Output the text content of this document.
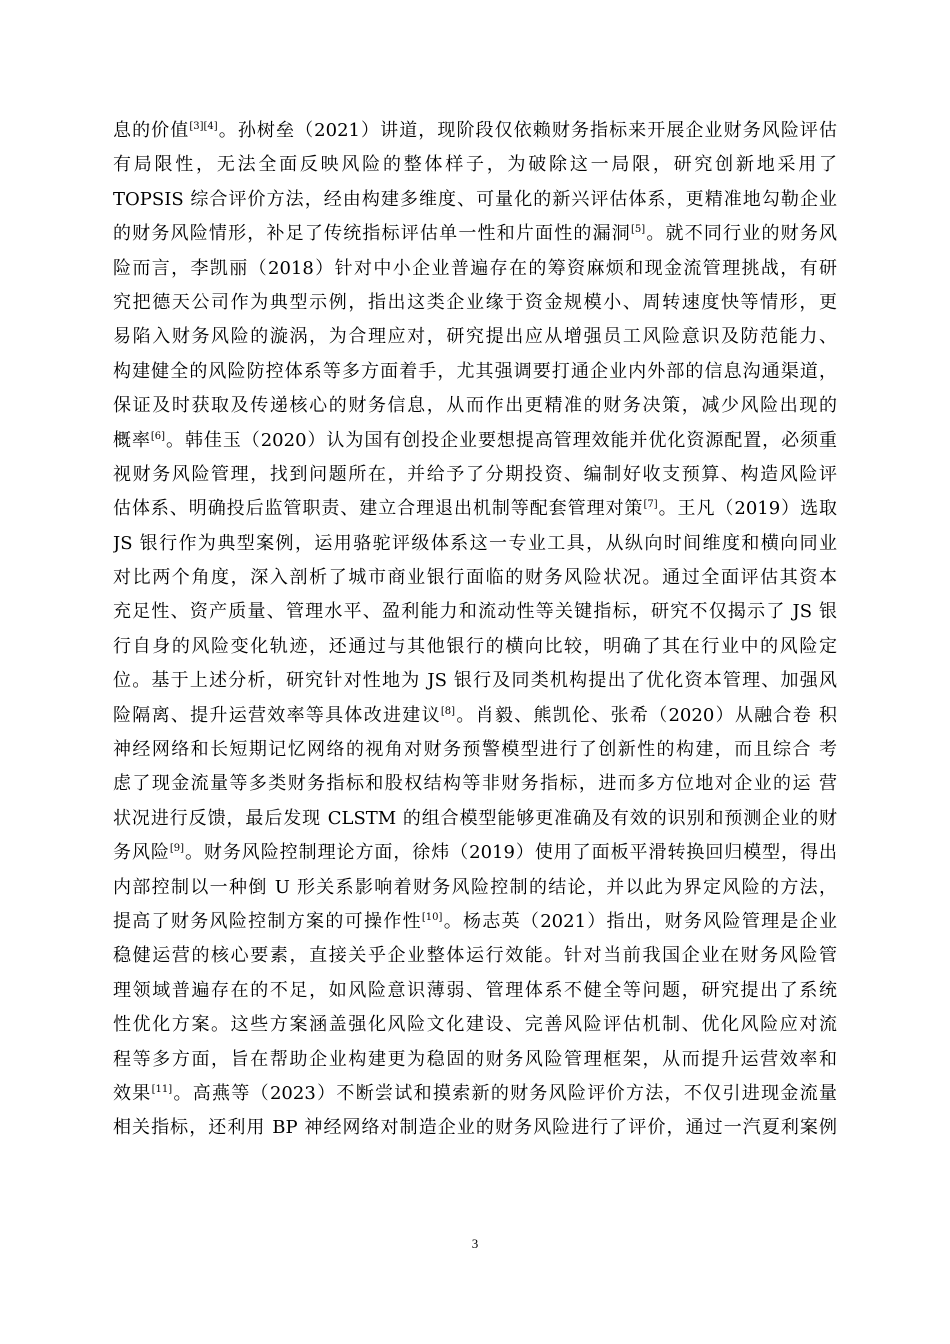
息的价值[3][4]。孙树垒（2021）讲道，现阶段仅依赖财务指标来开展企业财务风险评估
有局限性，无法全面反映风险的整体样子，为破除这一局限，研究创新地采用了
TOPSIS 综合评价方法，经由构建多维度、可量化的新兴评估体系，更精准地勾勒企业
的财务风险情形，补足了传统指标评估单一性和片面性的漏洞[5]。就不同行业的财务风
险而言，李凯丽（2018）针对中小企业普遍存在的筹资麻烦和现金流管理挑战，有研
究把德天公司作为典型示例，指出这类企业缘于资金规模小、周转速度快等情形，更
易陷入财务风险的漩涡，为合理应对，研究提出应从增强员工风险意识及防范能力、
构建健全的风险防控体系等多方面着手，尤其强调要打通企业内外部的信息沟通渠道，
保证及时获取及传递核心的财务信息，从而作出更精准的财务决策，减少风险出现的
概率[6]。韩佳玉（2020）认为国有创投企业要想提高管理效能并优化资源配置，必须重
视财务风险管理，找到问题所在，并给予了分期投资、编制好收支预算、构造风险评
估体系、明确投后监管职责、建立合理退出机制等配套管理对策[7]。王凡（2019）选取
JS 银行作为典型案例，运用骆驼评级体系这一专业工具，从纵向时间维度和横向同业
对比两个角度，深入剖析了城市商业银行面临的财务风险状况。通过全面评估其资本
充足性、资产质量、管理水平、盈利能力和流动性等关键指标，研究不仅揭示了 JS 银
行自身的风险变化轨迹，还通过与其他银行的横向比较，明确了其在行业中的风险定
位。基于上述分析，研究针对性地为 JS 银行及同类机构提出了优化资本管理、加强风
险隔离、提升运营效率等具体改进建议[8]。肖毅、熊凯伦、张希（2020）从融合卷 积
神经网络和长短期记忆网络的视角对财务预警模型进行了创新性的构建，而且综合 考
虑了现金流量等多类财务指标和股权结构等非财务指标，进而多方位地对企业的运 营
状况进行反馈，最后发现 CLSTM 的组合模型能够更准确及有效的识别和预测企业的财
务风险[9]。财务风险控制理论方面，徐炜（2019）使用了面板平滑转换回归模型，得出
内部控制以一种倒 U 形关系影响着财务风险控制的结论，并以此为界定风险的方法，
提高了财务风险控制方案的可操作性[10]。杨志英（2021）指出，财务风险管理是企业
稳健运营的核心要素，直接关乎企业整体运行效能。针对当前我国企业在财务风险管
理领域普遍存在的不足，如风险意识薄弱、管理体系不健全等问题，研究提出了系统
性优化方案。这些方案涵盖强化风险文化建设、完善风险评估机制、优化风险应对流
程等多方面，旨在帮助企业构建更为稳固的财务风险管理框架，从而提升运营效率和
效果[11]。高燕等（2023）不断尝试和摸索新的财务风险评价方法，不仅引进现金流量
相关指标，还利用 BP 神经网络对制造企业的财务风险进行了评价，通过一汽夏利案例
3
